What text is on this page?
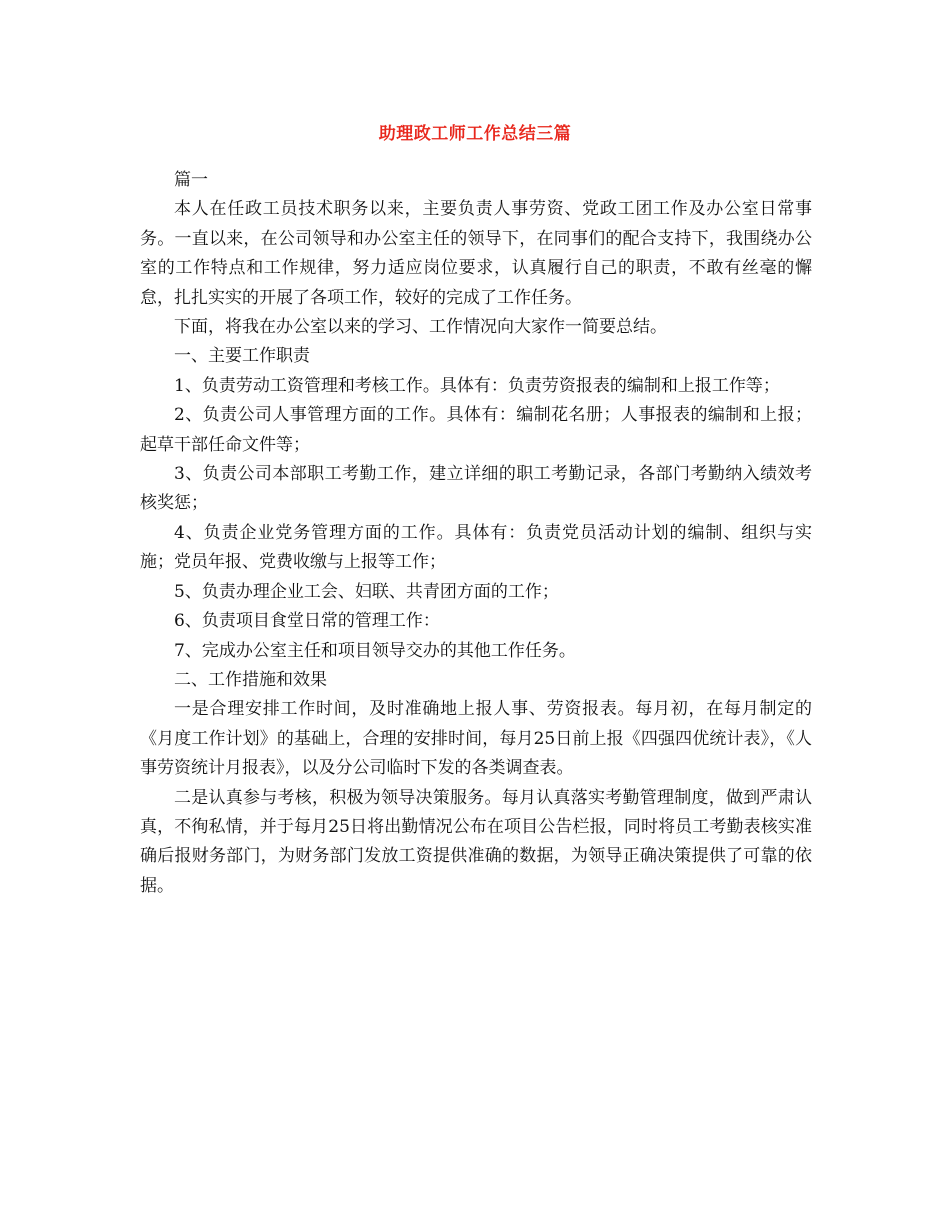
助理政工师工作总结三篇

篇一

本人在任政工员技术职务以来，主要负责人事劳资、党政工团工作及办公室日常事务。一直以来，在公司领导和办公室主任的领导下，在同事们的配合支持下，我围绕办公室的工作特点和工作规律，努力适应岗位要求，认真履行自己的职责，不敢有丝毫的懈怠，扎扎实实的开展了各项工作，较好的完成了工作任务。

下面，将我在办公室以来的学习、工作情况向大家作一简要总结。

一、主要工作职责

1、负责劳动工资管理和考核工作。具体有：负责劳资报表的编制和上报工作等；

2、负责公司人事管理方面的工作。具体有：编制花名册；人事报表的编制和上报；起草干部任命文件等；

3、负责公司本部职工考勤工作，建立详细的职工考勤记录，各部门考勤纳入绩效考核奖惩；

4、负责企业党务管理方面的工作。具体有：负责党员活动计划的编制、组织与实施；党员年报、党费收缴与上报等工作；

5、负责办理企业工会、妇联、共青团方面的工作；

6、负责项目食堂日常的管理工作：

7、完成办公室主任和项目领导交办的其他工作任务。

二、工作措施和效果

一是合理安排工作时间，及时准确地上报人事、劳资报表。每月初，在每月制定的《月度工作计划》的基础上，合理的安排时间，每月25日前上报《四强四优统计表》，《人事劳资统计月报表》，以及分公司临时下发的各类调查表。

二是认真参与考核，积极为领导决策服务。每月认真落实考勤管理制度，做到严肃认真，不徇私情，并于每月25日将出勤情况公布在项目公告栏报，同时将员工考勤表核实准确后报财务部门，为财务部门发放工资提供准确的数据，为领导正确决策提供了可靠的依据。
